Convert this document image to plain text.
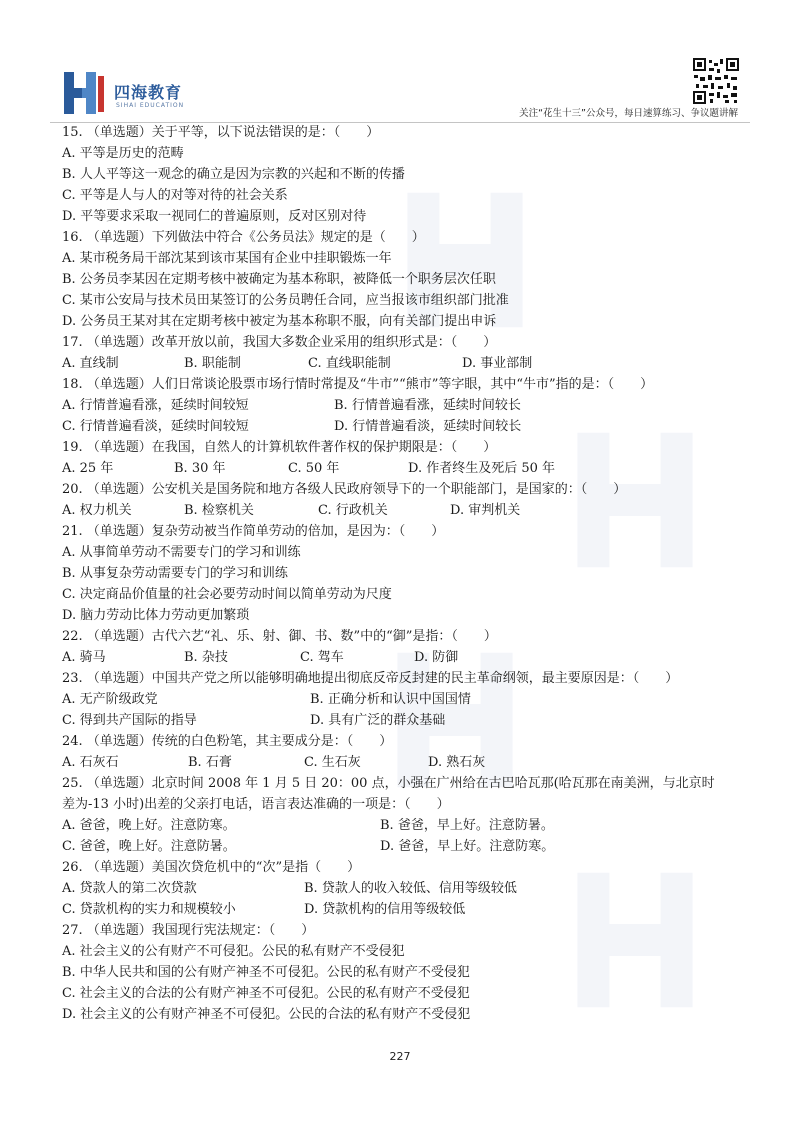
四海教育
SIHAI EDUCATION
关注“花生十三”公众号，每日速算练习、争议题讲解
15. （单选题）关于平等，以下说法错误的是：（　　）
A. 平等是历史的范畴
B. 人人平等这一观念的确立是因为宗教的兴起和不断的传播
C. 平等是人与人的对等对待的社会关系
D. 平等要求采取一视同仁的普遍原则，反对区别对待
16. （单选题）下列做法中符合《公务员法》规定的是（　　）
A. 某市税务局干部沈某到该市某国有企业中挂职锻炼一年
B. 公务员李某因在定期考核中被确定为基本称职，被降低一个职务层次任职
C. 某市公安局与技术员田某签订的公务员聘任合同，应当报该市组织部门批准
D. 公务员王某对其在定期考核中被定为基本称职不服，向有关部门提出申诉
17. （单选题）改革开放以前，我国大多数企业采用的组织形式是：（　　）
A. 直线制	B. 职能制	C. 直线职能制	D. 事业部制
18. （单选题）人们日常谈论股票市场行情时常提及“牛市”“熊市”等字眼，其中“牛市”指的是：（　　）
A. 行情普遍看涨，延续时间较短	B. 行情普遍看涨，延续时间较长
C. 行情普遍看淡，延续时间较短	D. 行情普遍看淡，延续时间较长
19. （单选题）在我国，自然人的计算机软件著作权的保护期限是：（　　）
A. 25 年	B. 30 年	C. 50 年	D. 作者终生及死后 50 年
20. （单选题）公安机关是国务院和地方各级人民政府领导下的一个职能部门，是国家的：（　　）
A. 权力机关	B. 检察机关	C. 行政机关	D. 审判机关
21. （单选题）复杂劳动被当作简单劳动的倍加，是因为：（　　）
A. 从事简单劳动不需要专门的学习和训练
B. 从事复杂劳动需要专门的学习和训练
C. 决定商品价值量的社会必要劳动时间以简单劳动为尺度
D. 脑力劳动比体力劳动更加繁琐
22. （单选题）古代六艺“礼、乐、射、御、书、数”中的“御”是指：（　　）
A. 骑马	B. 杂技	C. 驾车	D. 防御
23. （单选题）中国共产党之所以能够明确地提出彻底反帝反封建的民主革命纲领，最主要原因是：（　　）
A. 无产阶级政党	B. 正确分析和认识中国国情
C. 得到共产国际的指导	D. 具有广泛的群众基础
24. （单选题）传统的白色粉笔，其主要成分是：（　　）
A. 石灰石	B. 石膏	C. 生石灰	D. 熟石灰
25. （单选题）北京时间 2008 年 1 月 5 日 20：00 点，小强在广州给在古巴哈瓦那(哈瓦那在南美洲，与北京时
差为-13 小时)出差的父亲打电话，语言表达准确的一项是：（　　）
A. 爸爸，晚上好。注意防寒。	B. 爸爸，早上好。注意防暑。
C. 爸爸，晚上好。注意防暑。	D. 爸爸，早上好。注意防寒。
26. （单选题）美国次贷危机中的“次”是指（　　）
A. 贷款人的第二次贷款	B. 贷款人的收入较低、信用等级较低
C. 贷款机构的实力和规模较小	D. 贷款机构的信用等级较低
27. （单选题）我国现行宪法规定：（　　）
A. 社会主义的公有财产不可侵犯。公民的私有财产不受侵犯
B. 中华人民共和国的公有财产神圣不可侵犯。公民的私有财产不受侵犯
C. 社会主义的合法的公有财产神圣不可侵犯。公民的私有财产不受侵犯
D. 社会主义的公有财产神圣不可侵犯。公民的合法的私有财产不受侵犯
227
